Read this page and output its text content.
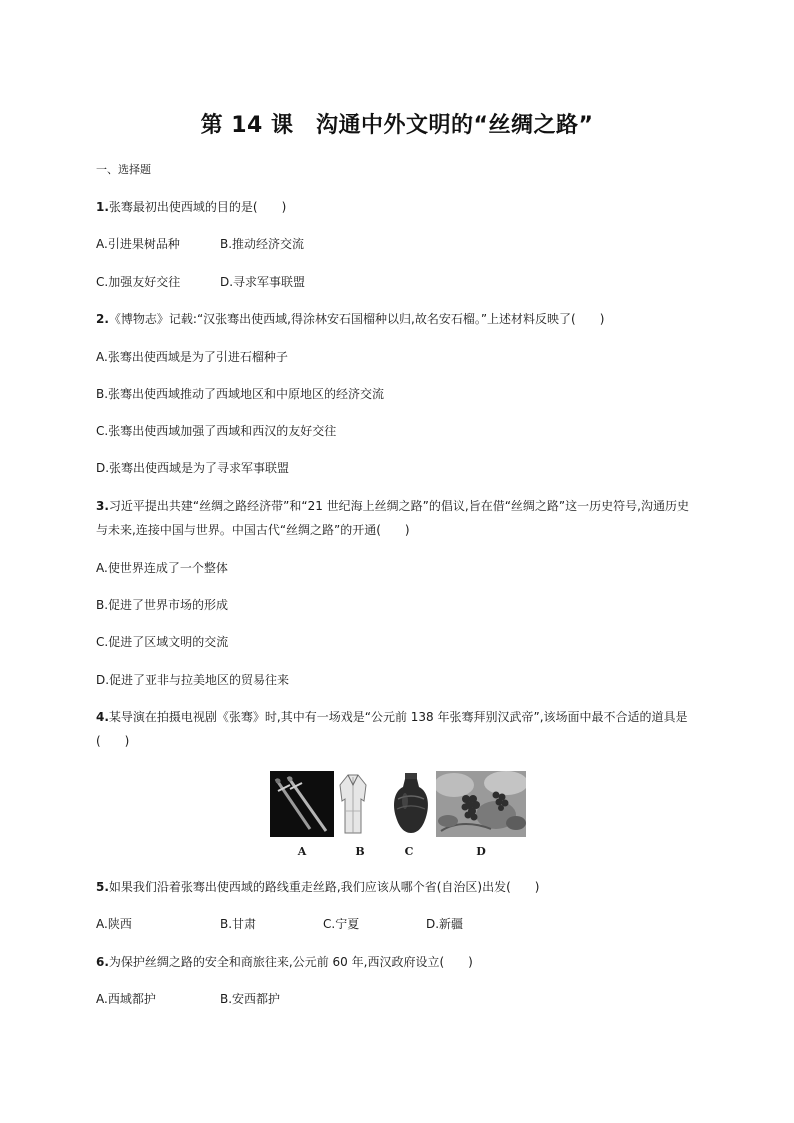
第 14 课　沟通中外文明的“丝绸之路”
一、选择题
1.张骞最初出使西域的目的是(　　)
A.引进果树品种	B.推动经济交流
C.加强友好交往	D.寻求军事联盟
2.《博物志》记载:“汉张骞出使西域,得涂林安石国榴种以归,故名安石榴。”上述材料反映了(　　)
A.张骞出使西域是为了引进石榴种子
B.张骞出使西域推动了西域地区和中原地区的经济交流
C.张骞出使西域加强了西域和西汉的友好交往
D.张骞出使西域是为了寻求军事联盟
3.习近平提出共建“丝绸之路经济带”和“21 世纪海上丝绸之路”的倡议,旨在借“丝绸之路”这一历史符号,沟通历史
与未来,连接中国与世界。中国古代“丝绸之路”的开通(　　)
A.使世界连成了一个整体
B.促进了世界市场的形成
C.促进了区域文明的交流
D.促进了亚非与拉美地区的贸易往来
4.某导演在拍摄电视剧《张骞》时,其中有一场戏是“公元前 138 年张骞拜别汉武帝”,该场面中最不合适的道具是
(　　)
A	B	C	D
5.如果我们沿着张骞出使西域的路线重走丝路,我们应该从哪个省(自治区)出发(　　)
A.陕西	B.甘肃	C.宁夏	D.新疆
6.为保护丝绸之路的安全和商旅往来,公元前 60 年,西汉政府设立(　　)
A.西域都护	B.安西都护
